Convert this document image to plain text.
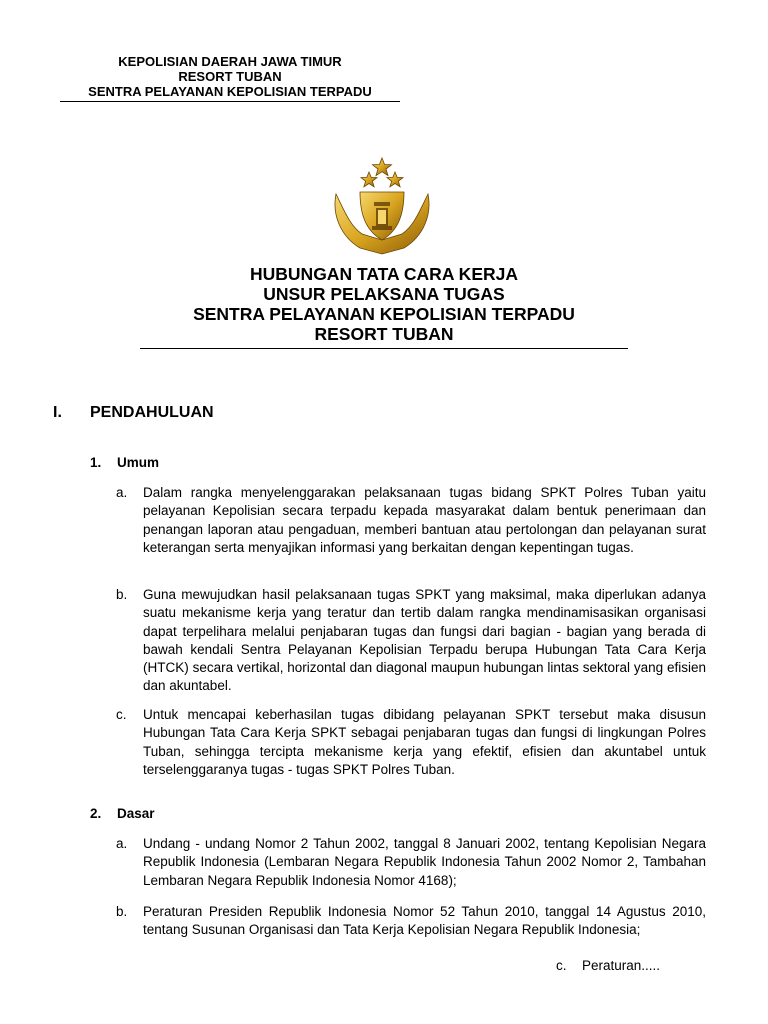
KEPOLISIAN DAERAH JAWA TIMUR
RESORT TUBAN
SENTRA PELAYANAN KEPOLISIAN TERPADU
HUBUNGAN TATA CARA KERJA
UNSUR PELAKSANA TUGAS
SENTRA PELAYANAN KEPOLISIAN TERPADU
RESORT TUBAN
I. PENDAHULUAN
1. Umum
a. Dalam rangka menyelenggarakan pelaksanaan tugas bidang SPKT Polres Tuban yaitu pelayanan Kepolisian secara terpadu kepada masyarakat dalam bentuk penerimaan dan penangan laporan atau pengaduan, memberi bantuan atau pertolongan dan pelayanan surat keterangan serta menyajikan informasi yang berkaitan dengan kepentingan tugas.
b. Guna mewujudkan hasil pelaksanaan tugas SPKT yang maksimal, maka diperlukan adanya suatu mekanisme kerja yang teratur dan tertib dalam rangka mendinamisasikan organisasi dapat terpelihara melalui penjabaran tugas dan fungsi dari bagian - bagian yang berada di bawah kendali Sentra Pelayanan Kepolisian Terpadu berupa Hubungan Tata Cara Kerja (HTCK) secara vertikal, horizontal dan diagonal maupun hubungan lintas sektoral yang efisien dan akuntabel.
c. Untuk mencapai keberhasilan tugas dibidang pelayanan SPKT tersebut maka disusun Hubungan Tata Cara Kerja SPKT sebagai penjabaran tugas dan fungsi di lingkungan Polres Tuban, sehingga tercipta mekanisme kerja yang efektif, efisien dan akuntabel untuk terselenggaranya tugas - tugas SPKT Polres Tuban.
2. Dasar
a. Undang - undang Nomor 2 Tahun 2002, tanggal 8 Januari 2002, tentang Kepolisian Negara Republik Indonesia (Lembaran Negara Republik Indonesia Tahun 2002 Nomor 2, Tambahan Lembaran Negara Republik Indonesia Nomor 4168);
b. Peraturan Presiden Republik Indonesia Nomor 52 Tahun 2010, tanggal 14 Agustus 2010, tentang Susunan Organisasi dan Tata Kerja Kepolisian Negara Republik Indonesia;
c. Peraturan.....
